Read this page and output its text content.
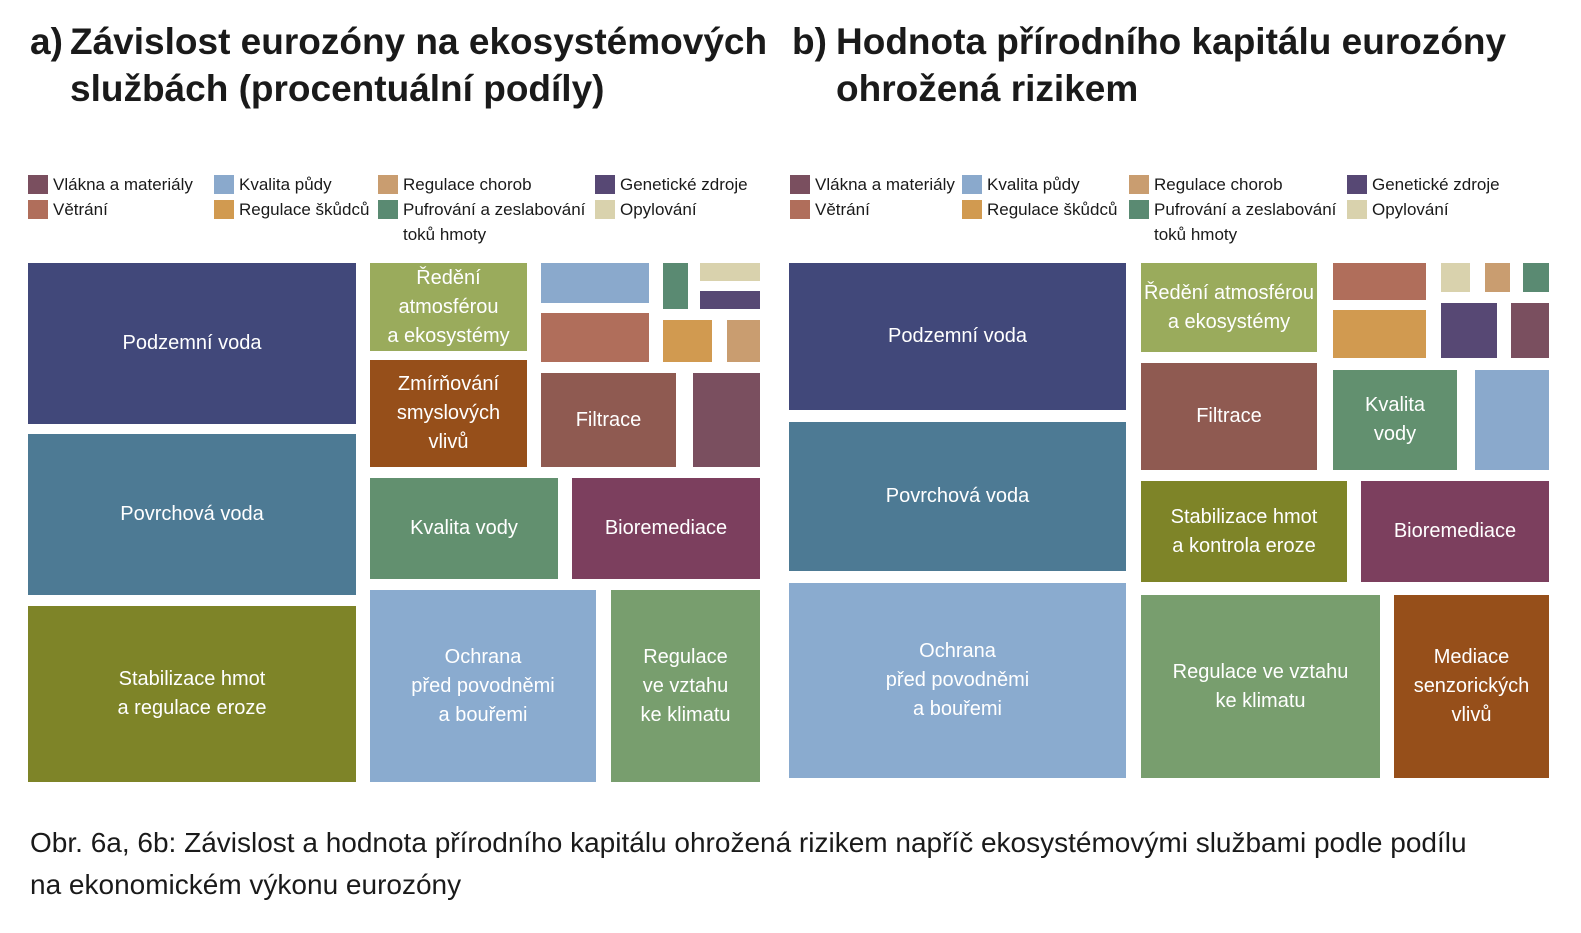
a) Závislost eurozóny na ekosystémových
službách (procentuální podíly)
b) Hodnota přírodního kapitálu eurozóny
ohrožená rizikem
Vlákna a materiály
Větrání
Kvalita půdy
Regulace škůdců
Regulace chorob
Pufrování a zeslabování
toků hmoty
Genetické zdroje
Opylování
Vlákna a materiály
Větrání
Kvalita půdy
Regulace škůdců
Regulace chorob
Pufrování a zeslabování
toků hmoty
Genetické zdroje
Opylování
Podzemní voda
Povrchová voda
Stabilizace hmot
a regulace eroze
Ředění
atmosférou
a ekosystémy
Zmírňování
smyslových
vlivů
Filtrace
Kvalita vody	Bioremediace
Ochrana
před povodněmi
a bouřemi
Regulace
ve vztahu
ke klimatu
Podzemní voda
Povrchová voda
Ochrana
před povodněmi
a bouřemi
Ředění atmosférou
a ekosystémy
Filtrace	Kvalita
vody
Stabilizace hmot
a kontrola eroze
Bioremediace
Regulace ve vztahu
ke klimatu
Mediace
senzorických
vlivů
Obr. 6a, 6b: Závislost a hodnota přírodního kapitálu ohrožená rizikem napříč ekosystémovými službami podle podílu
na ekonomickém výkonu eurozóny
